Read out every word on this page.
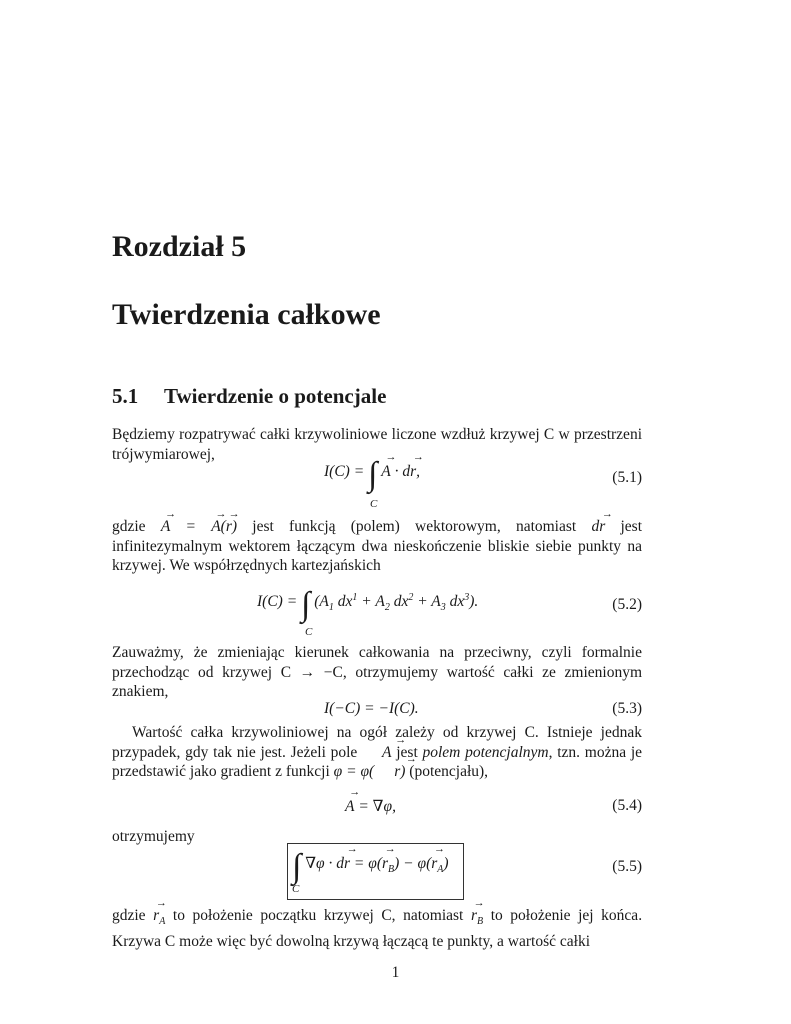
Rozdział 5
Twierdzenia całkowe
5.1 Twierdzenie o potencjale
Będziemy rozpatrywać całki krzywoliniowe liczone wzdłuż krzywej C w przestrzeni trójwymiarowej,
I(C) = ∫ → A · d→ r,
C
(5.1)
gdzie → A = → A(→ r) jest funkcją (polem) wektorowym, natomiast d→ r jest infinitezymalnym wektorem łączącym dwa nieskończenie bliskie siebie punkty na krzywej. We współrzędnych kartezjańskich
I(C) = ∫ ($A_1$ $dx^1 + A_2$ $dx^2 + A_3$ $dx^3$).
C
(5.2)
Zauważmy, że zmieniając kierunek całkowania na przeciwny, czyli formalnie przechodząc od krzywej C → −C, otrzymujemy wartość całki ze zmienionym znakiem,
I(−C) = −I(C).	(5.3)

Wartość całka krzywoliniowej na ogół zależy od krzywej C. Istnieje jednak przypadek, gdy tak nie jest. Jeżeli pole → A jest polem potencjalnym, tzn. można je przedstawić jako gradient z funkcji φ = φ( → r) (potencjału),

→ A = ∇φ,	(5.4)
otrzymujemy
∫ $\nabla\varphi \cdot d\to r = \varphi(\to r_B) - \varphi(\to r_A)$
C
(5.5)
gdzie → $r_A$ to położenie początku krzywej C, natomiast → $r_B$ to położenie jej końca. Krzywa C może więc być dowolną krzywą łączącą te punkty, a wartość całki
1
